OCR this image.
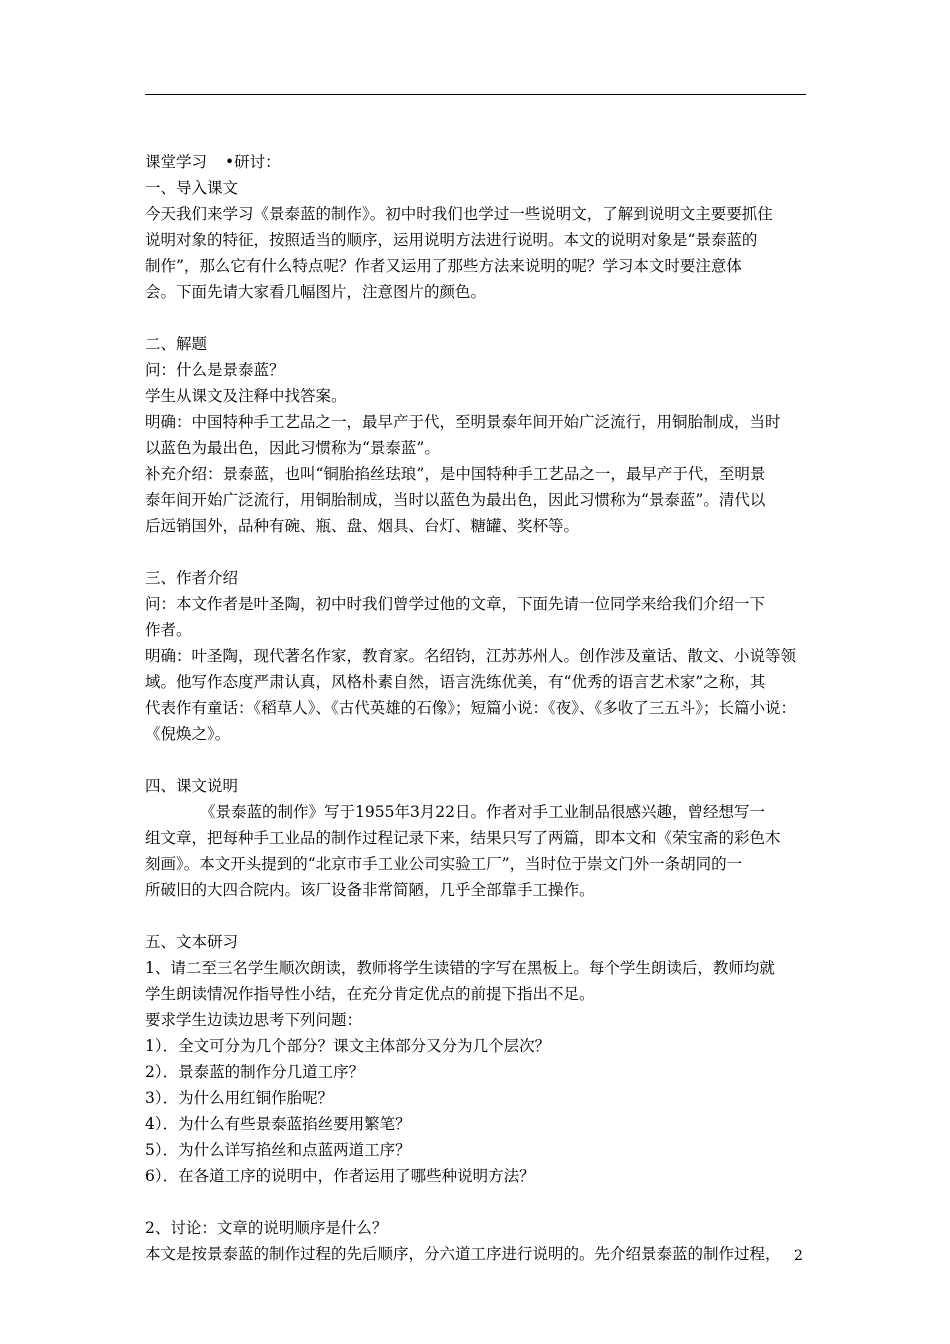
课堂学习 •研讨：
一、导入课文
今天我们来学习《景泰蓝的制作》。初中时我们也学过一些说明文，了解到说明文主要要抓住
说明对象的特征，按照适当的顺序，运用说明方法进行说明。本文的说明对象是“景泰蓝的
制作”，那么它有什么特点呢？作者又运用了那些方法来说明的呢？学习本文时要注意体
会。下面先请大家看几幅图片，注意图片的颜色。
二、解题
问：什么是景泰蓝？
学生从课文及注释中找答案。
明确：中国特种手工艺品之一，最早产于代，至明景泰年间开始广泛流行，用铜胎制成，当时
以蓝色为最出色，因此习惯称为“景泰蓝”。
补充介绍：景泰蓝，也叫“铜胎掐丝珐琅”，是中国特种手工艺品之一，最早产于代，至明景
泰年间开始广泛流行，用铜胎制成，当时以蓝色为最出色，因此习惯称为“景泰蓝”。清代以
后远销国外，品种有碗、瓶、盘、烟具、台灯、糖罐、奖杯等。
三、作者介绍
问：本文作者是叶圣陶，初中时我们曾学过他的文章，下面先请一位同学来给我们介绍一下
作者。
明确：叶圣陶，现代著名作家，教育家。名绍钧，江苏苏州人。创作涉及童话、散文、小说等领
域。他写作态度严肃认真，风格朴素自然，语言洗练优美，有“优秀的语言艺术家”之称，其
代表作有童话：《稻草人》、《古代英雄的石像》；短篇小说：《夜》、《多收了三五斗》；长篇小说：
《倪焕之》。
四、课文说明
《景泰蓝的制作》写于1955年3月22日。作者对手工业制品很感兴趣，曾经想写一
组文章，把每种手工业品的制作过程记录下来，结果只写了两篇，即本文和《荣宝斋的彩色木
刻画》。本文开头提到的“北京市手工业公司实验工厂”，当时位于崇文门外一条胡同的一
所破旧的大四合院内。该厂设备非常简陋，几乎全部靠手工操作。
五、文本研习
1、请二至三名学生顺次朗读，教师将学生读错的字写在黑板上。每个学生朗读后，教师均就
学生朗读情况作指导性小结，在充分肯定优点的前提下指出不足。
要求学生边读边思考下列问题：
1）．全文可分为几个部分？课文主体部分又分为几个层次？
2）．景泰蓝的制作分几道工序？
3）．为什么用红铜作胎呢？
4）．为什么有些景泰蓝掐丝要用繁笔？
5）．为什么详写掐丝和点蓝两道工序？
6）．在各道工序的说明中，作者运用了哪些种说明方法？
2、讨论：文章的说明顺序是什么？
本文是按景泰蓝的制作过程的先后顺序，分六道工序进行说明的。先介绍景泰蓝的制作过程， 2
